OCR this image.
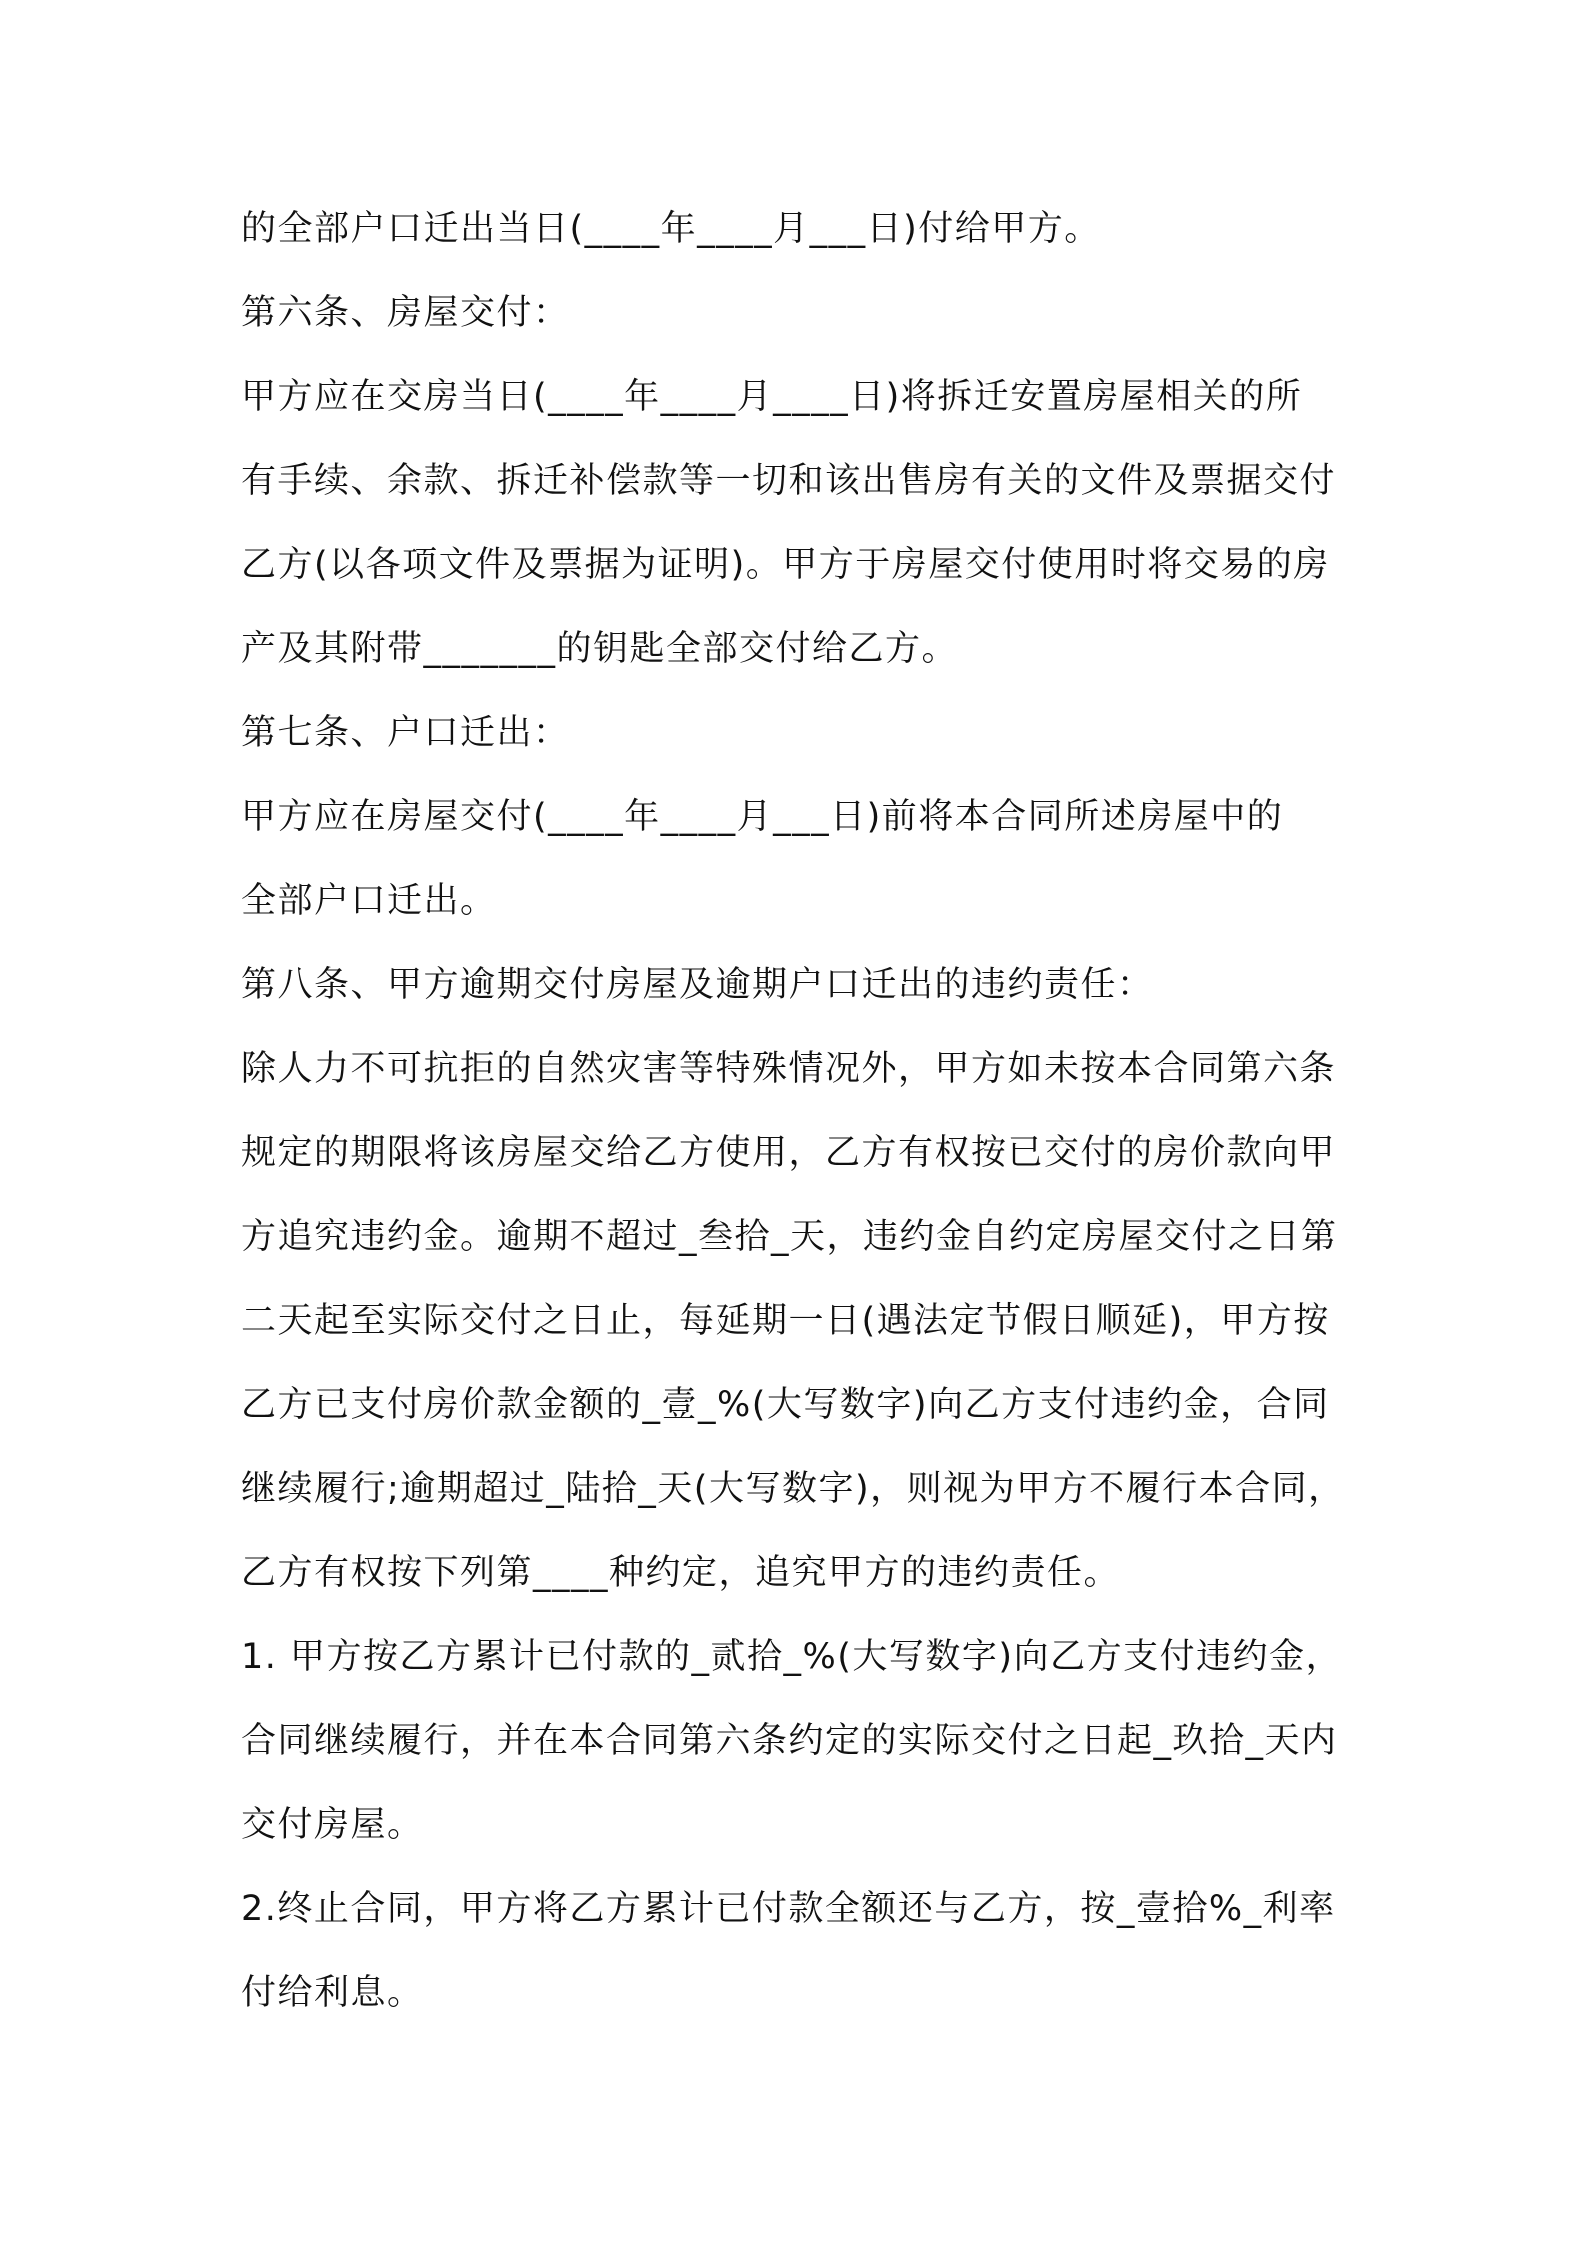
的全部户口迁出当日(____年____月___日)付给甲方。
第六条、房屋交付：
甲方应在交房当日(____年____月____日)将拆迁安置房屋相关的所
有手续、余款、拆迁补偿款等一切和该出售房有关的文件及票据交付
乙方(以各项文件及票据为证明)。甲方于房屋交付使用时将交易的房
产及其附带_______的钥匙全部交付给乙方。
第七条、户口迁出：
甲方应在房屋交付(____年____月___日)前将本合同所述房屋中的
全部户口迁出。
第八条、甲方逾期交付房屋及逾期户口迁出的违约责任：
除人力不可抗拒的自然灾害等特殊情况外，甲方如未按本合同第六条
规定的期限将该房屋交给乙方使用，乙方有权按已交付的房价款向甲
方追究违约金。逾期不超过_叁拾_天，违约金自约定房屋交付之日第
二天起至实际交付之日止，每延期一日(遇法定节假日顺延)，甲方按
乙方已支付房价款金额的_壹_%(大写数字)向乙方支付违约金，合同
继续履行;逾期超过_陆拾_天(大写数字)，则视为甲方不履行本合同，
乙方有权按下列第____种约定，追究甲方的违约责任。
1. 甲方按乙方累计已付款的_贰拾_%(大写数字)向乙方支付违约金，
合同继续履行，并在本合同第六条约定的实际交付之日起_玖拾_天内
交付房屋。
2.终止合同，甲方将乙方累计已付款全额还与乙方，按_壹拾%_利率
付给利息。
